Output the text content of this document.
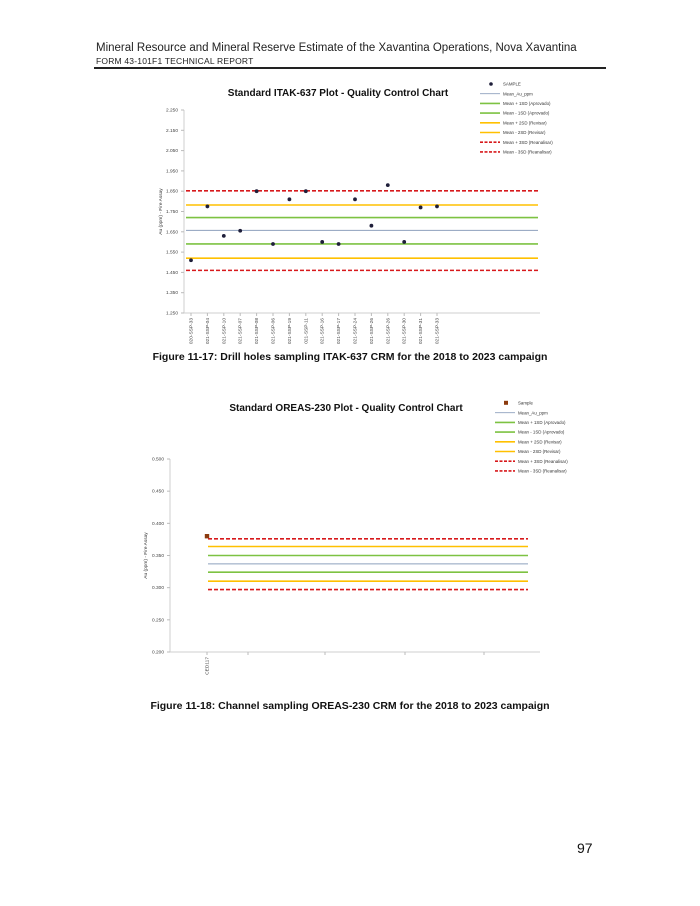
Mineral Resource and Mineral Reserve Estimate of the Xavantina Operations, Nova Xavantina
FORM 43-101F1 TECHNICAL REPORT
Standard ITAK-637 Plot - Quality Control Chart
2.250
2.150
2.050
1.950
1.850
1.750
1.650
1.550
1.450
1.350
1.250
Au (ppm) - Fire Assay
020-SSP-33 021-SSP-04 021-SSP-10 021-SSP-07 021-SSP-08 021-SSP-06 021-SSP-19 021-SSP-11 021-SSP-16 021-SSP-17 021-SSP-24 021-SSP-26 021-SSP-26 021-SSP-30 021-SSP-31 021-SSP-33
SAMPLE
Mean_Au_ppm
Mean + 1SD (Aprovado)
Mean - 1SD (Aprovado)
Mean + 2SD (Revisar)
Mean - 2SD (Revisar)
Mean + 3SD (Reanalisar)
Mean - 3SD (Reanalisar)
Figure 11-17: Drill holes sampling ITAK-637 CRM for the 2018 to 2023 campaign
Standard OREAS-230 Plot - Quality Control Chart
0.500
0.450
0.400
0.350
0.300
0.250
0.200
Au (ppm) - Fire Assay
CED117
Sample
Mean_Au_ppm
Mean + 1SD (Aprovado)
Mean - 1SD (Aprovado)
Mean + 2SD (Revisar)
Mean - 2SD (Revisar)
Mean + 3SD (Reanalisar)
Mean - 3SD (Reanalisar)
Figure 11-18: Channel sampling OREAS-230 CRM for the 2018 to 2023 campaign
97
